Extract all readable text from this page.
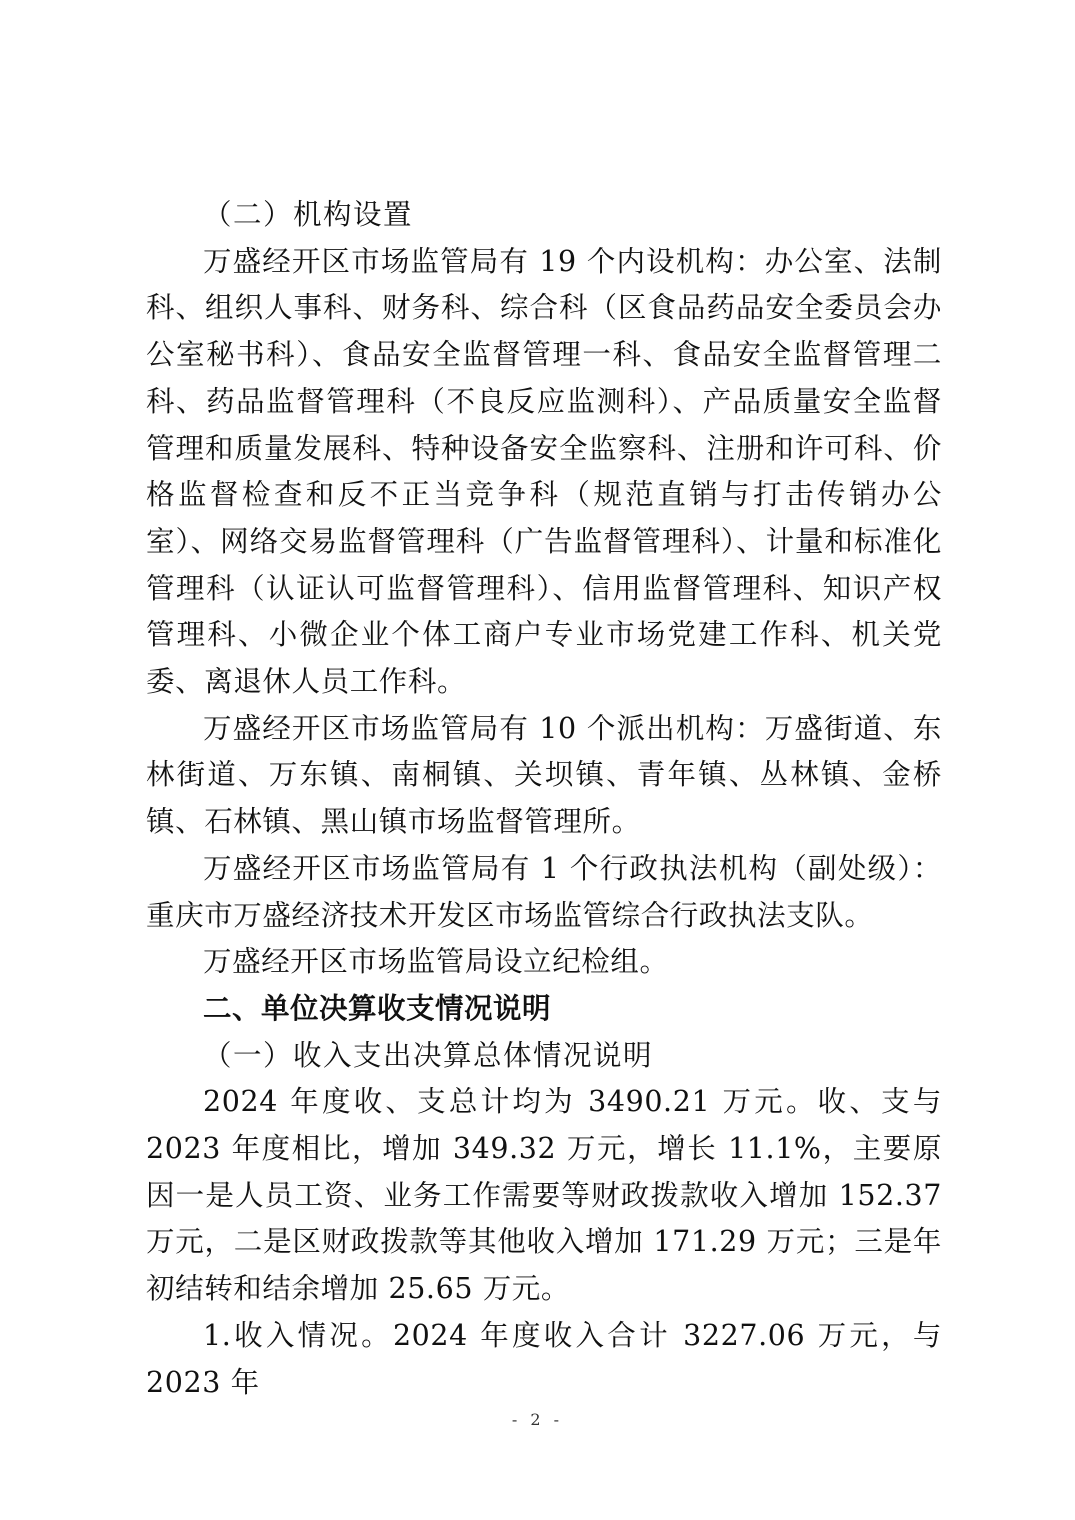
（二）机构设置

万盛经开区市场监管局有 19 个内设机构：办公室、法制科、组织人事科、财务科、综合科（区食品药品安全委员会办公室秘书科）、食品安全监督管理一科、食品安全监督管理二科、药品监督管理科（不良反应监测科）、产品质量安全监督管理和质量发展科、特种设备安全监察科、注册和许可科、价格监督检查和反不正当竞争科（规范直销与打击传销办公室）、网络交易监督管理科（广告监督管理科）、计量和标准化管理科（认证认可监督管理科）、信用监督管理科、知识产权管理科、小微企业个体工商户专业市场党建工作科、机关党委、离退休人员工作科。

万盛经开区市场监管局有 10 个派出机构：万盛街道、东林街道、万东镇、南桐镇、关坝镇、青年镇、丛林镇、金桥镇、石林镇、黑山镇市场监督管理所。

万盛经开区市场监管局有 1 个行政执法机构（副处级）：重庆市万盛经济技术开发区市场监管综合行政执法支队。

万盛经开区市场监管局设立纪检组。

二、单位决算收支情况说明

（一）收入支出决算总体情况说明

2024 年度收、支总计均为 3490.21 万元。收、支与 2023 年度相比，增加 349.32 万元，增长 11.1%，主要原因一是人员工资、业务工作需要等财政拨款收入增加 152.37 万元，二是区财政拨款等其他收入增加 171.29 万元；三是年初结转和结余增加 25.65 万元。

1.收入情况。2024 年度收入合计 3227.06 万元，与 2023 年

- 2 -
